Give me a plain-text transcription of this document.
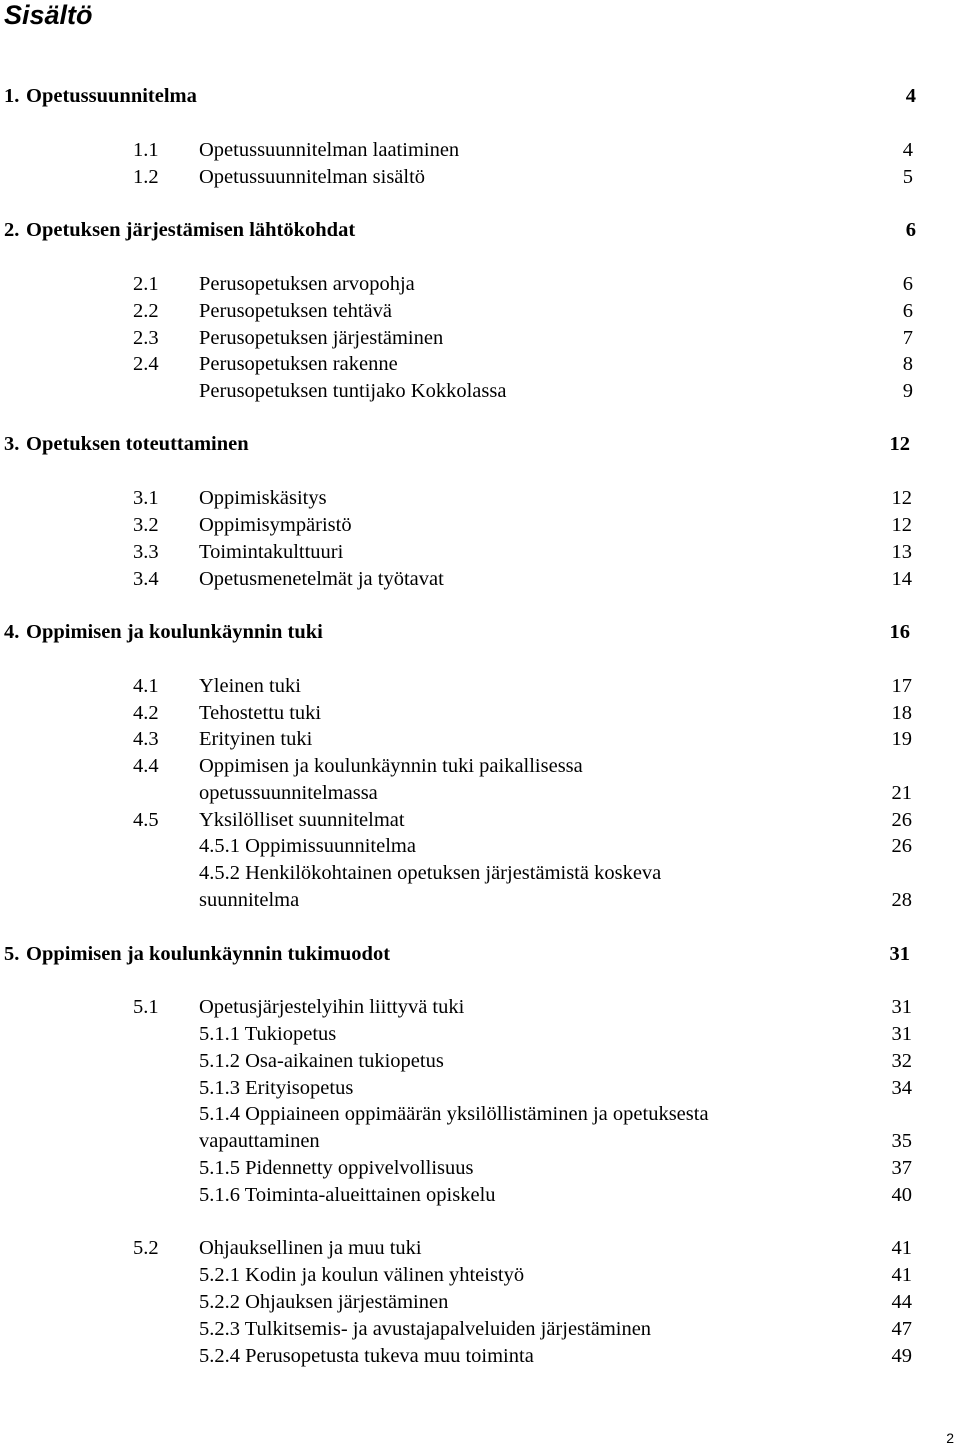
Sisältö
1. Opetussuunnitelma	4
1.1 Opetussuunnitelman laatiminen	4
1.2 Opetussuunnitelman sisältö	5
2. Opetuksen järjestämisen lähtökohdat	6
2.1 Perusopetuksen arvopohja	6
2.2 Perusopetuksen tehtävä	6
2.3 Perusopetuksen järjestäminen	7
2.4 Perusopetuksen rakenne	8
Perusopetuksen tuntijako Kokkolassa	9
3. Opetuksen toteuttaminen	12
3.1 Oppimiskäsitys	12
3.2 Oppimisympäristö	12
3.3 Toimintakulttuuri	13
3.4 Opetusmenetelmät ja työtavat	14
4. Oppimisen ja koulunkäynnin tuki	16
4.1 Yleinen tuki	17
4.2 Tehostettu tuki	18
4.3 Erityinen tuki	19
4.4 Oppimisen ja koulunkäynnin tuki paikallisessa
opetussuunnitelmassa	21
4.5 Yksilölliset suunnitelmat	26
4.5.1 Oppimissuunnitelma	26
4.5.2 Henkilökohtainen opetuksen järjestämistä koskeva
suunnitelma	28
5. Oppimisen ja koulunkäynnin tukimuodot	31
5.1 Opetusjärjestelyihin liittyvä tuki	31
5.1.1 Tukiopetus	31
5.1.2 Osa-aikainen tukiopetus	32
5.1.3 Erityisopetus	34
5.1.4 Oppiaineen oppimäärän yksilöllistäminen ja opetuksesta
vapauttaminen	35
5.1.5 Pidennetty oppivelvollisuus	37
5.1.6 Toiminta-alueittainen opiskelu	40
5.2 Ohjauksellinen ja muu tuki	41
5.2.1 Kodin ja koulun välinen yhteistyö	41
5.2.2 Ohjauksen järjestäminen	44
5.2.3 Tulkitsemis- ja avustajapalveluiden järjestäminen	47
5.2.4 Perusopetusta tukeva muu toiminta	49
2
